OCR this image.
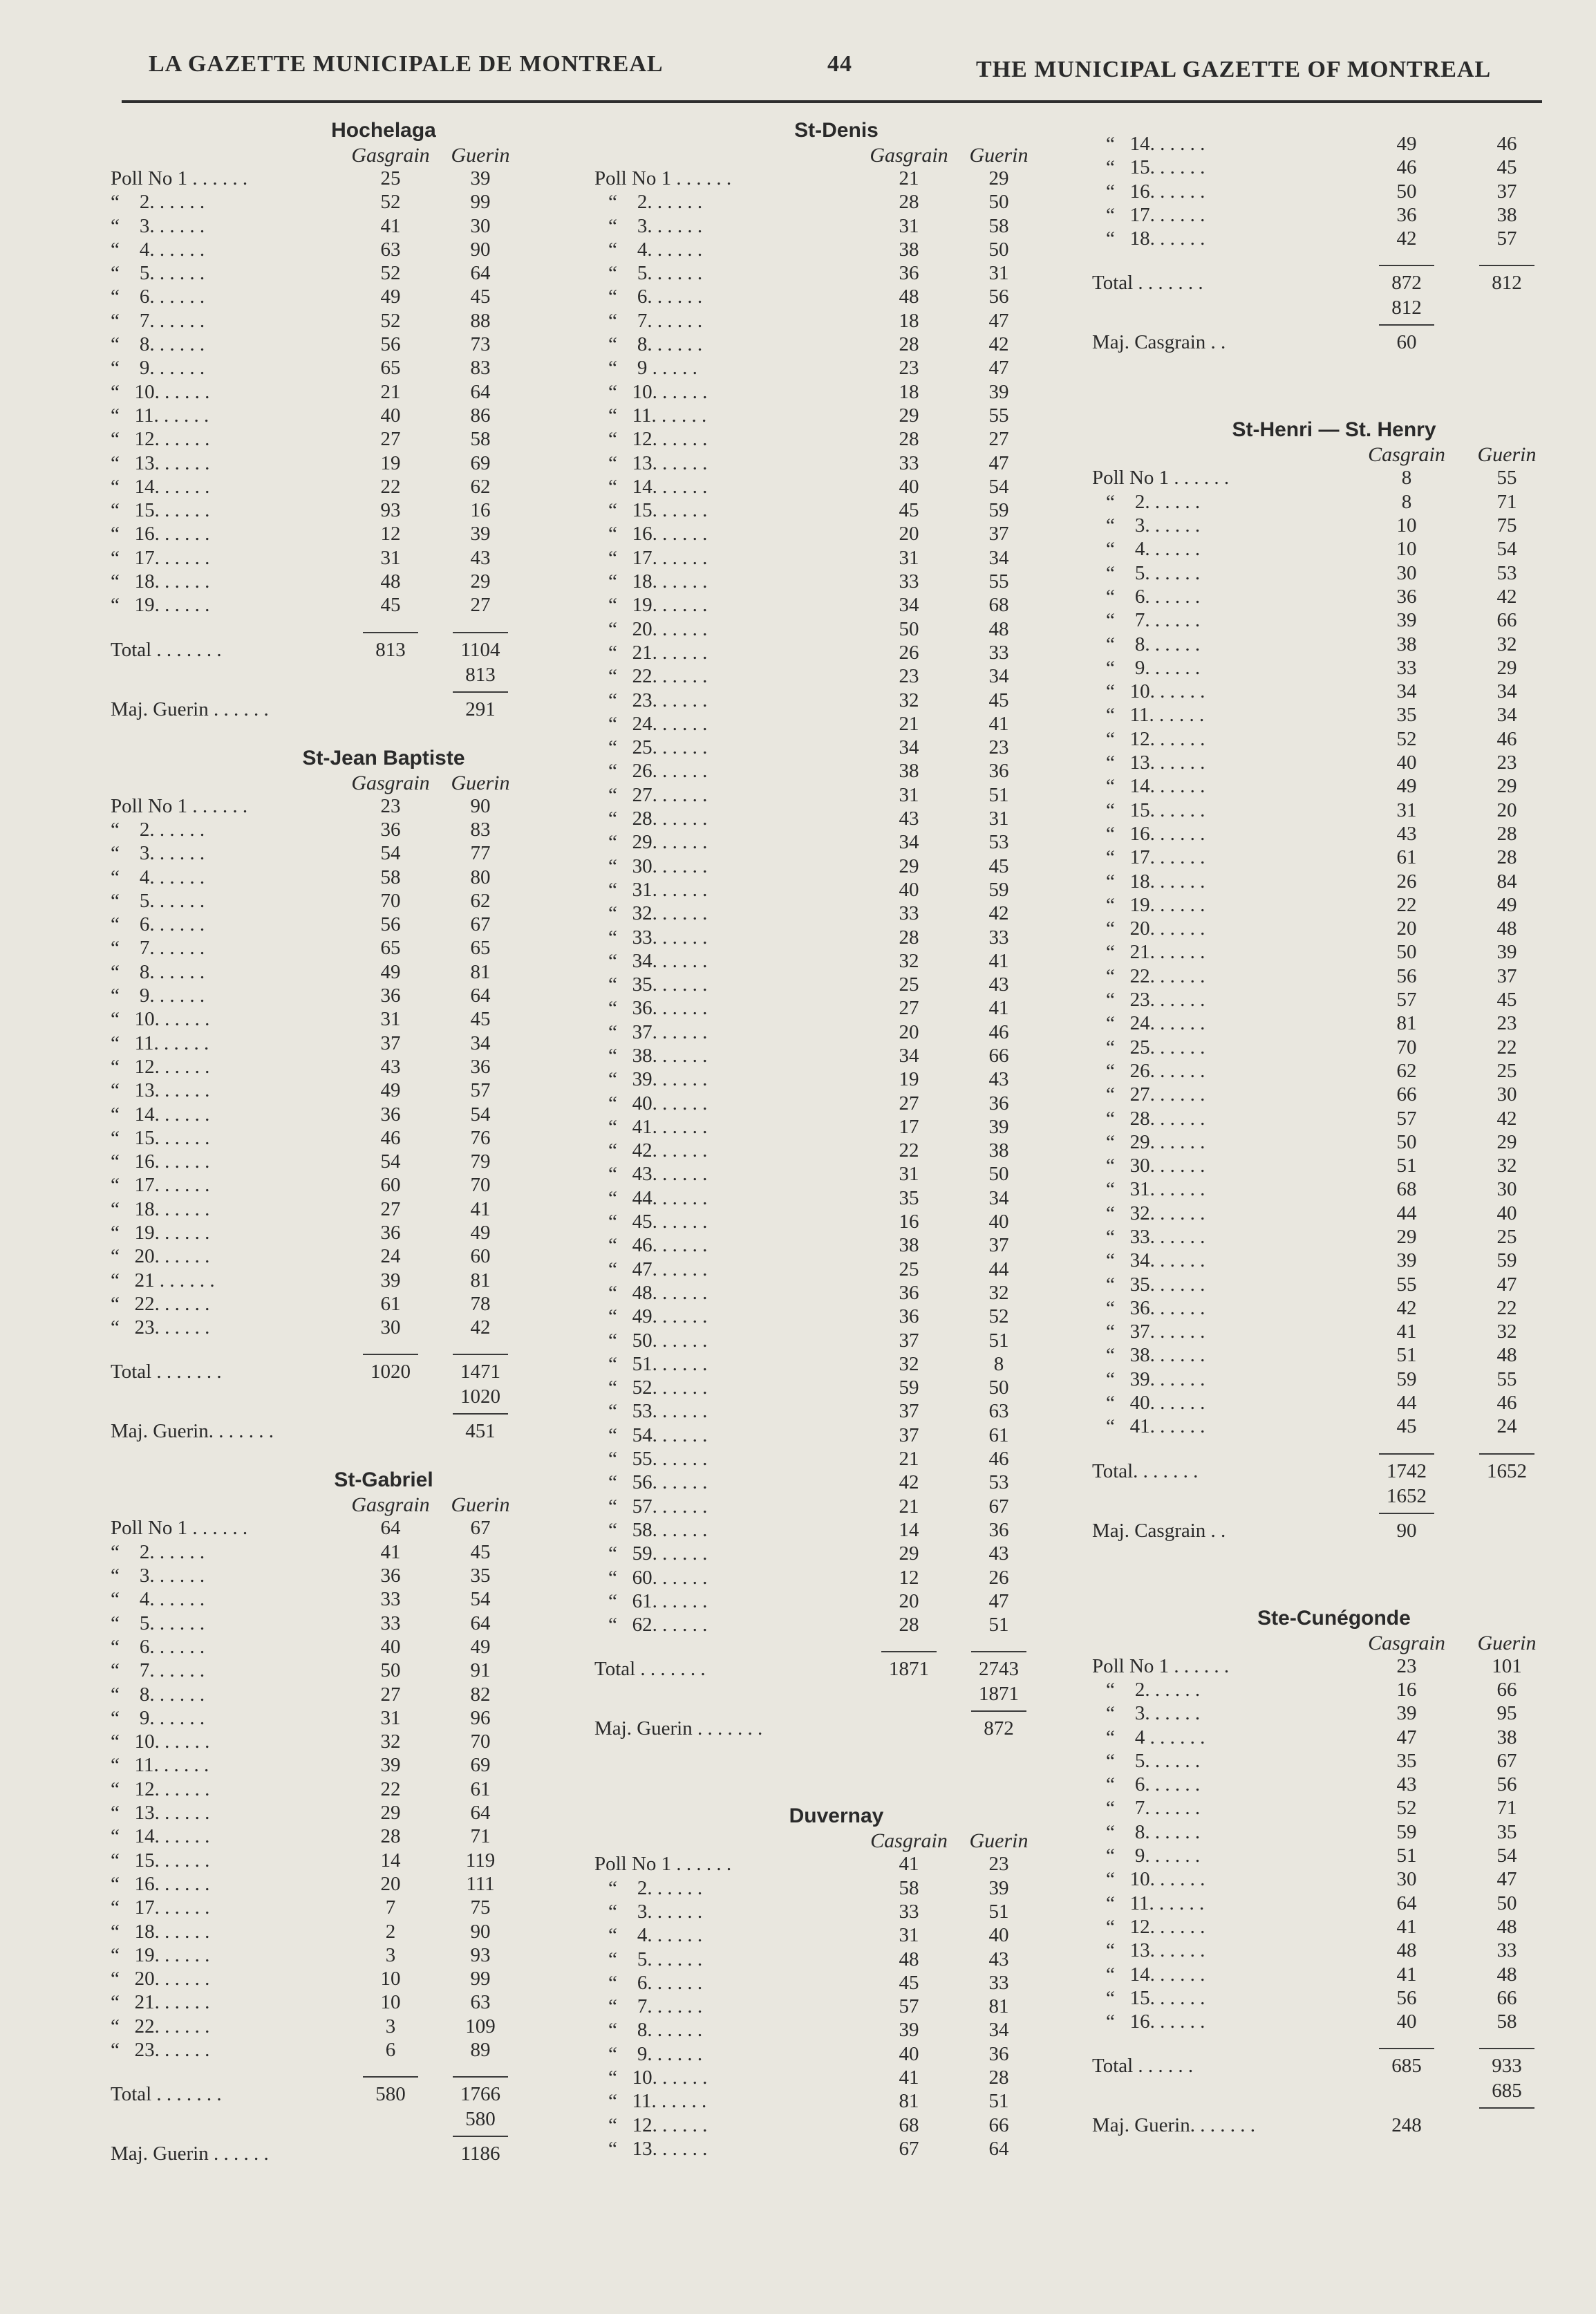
LA GAZETTE MUNICIPALE DE MONTREAL	44	THE MUNICIPAL GAZETTE OF MONTREAL
Hochelaga
Gasgrain	Guerin
Poll No 1 . . . . . .	25	39
“    2. . . . . .	52	99
“    3. . . . . .	41	30
“    4. . . . . .	63	90
“    5. . . . . .	52	64
“    6. . . . . .	49	45
“    7. . . . . .	52	88
“    8. . . . . .	56	73
“    9. . . . . .	65	83
“   10. . . . . .	21	64
“   11. . . . . .	40	86
“   12. . . . . .	27	58
“   13. . . . . .	19	69
“   14. . . . . .	22	62
“   15. . . . . .	93	16
“   16. . . . . .	12	39
“   17. . . . . .	31	43
“   18. . . . . .	48	29
“   19. . . . . .	45	27
Total . . . . . . .	813	1104
813
Maj. Guerin . . . . . .	291
St-Jean Baptiste
Gasgrain	Guerin
Poll No 1 . . . . . .	23	90
“    2. . . . . .	36	83
“    3. . . . . .	54	77
“    4. . . . . .	58	80
“    5. . . . . .	70	62
“    6. . . . . .	56	67
“    7. . . . . .	65	65
“    8. . . . . .	49	81
“    9. . . . . .	36	64
“   10. . . . . .	31	45
“   11. . . . . .	37	34
“   12. . . . . .	43	36
“   13. . . . . .	49	57
“   14. . . . . .	36	54
“   15. . . . . .	46	76
“   16. . . . . .	54	79
“   17. . . . . .	60	70
“   18. . . . . .	27	41
“   19. . . . . .	36	49
“   20. . . . . .	24	60
“   21 . . . . . .	39	81
“   22. . . . . .	61	78
“   23. . . . . .	30	42
Total . . . . . . .	1020	1471
1020
Maj. Guerin. . . . . . .	451
St-Gabriel
Gasgrain	Guerin
Poll No 1 . . . . . .	64	67
“    2. . . . . .	41	45
“    3. . . . . .	36	35
“    4. . . . . .	33	54
“    5. . . . . .	33	64
“    6. . . . . .	40	49
“    7. . . . . .	50	91
“    8. . . . . .	27	82
“    9. . . . . .	31	96
“   10. . . . . .	32	70
“   11. . . . . .	39	69
“   12. . . . . .	22	61
“   13. . . . . .	29	64
“   14. . . . . .	28	71
“   15. . . . . .	14	119
“   16. . . . . .	20	111
“   17. . . . . .	7	75
“   18. . . . . .	2	90
“   19. . . . . .	3	93
“   20. . . . . .	10	99
“   21. . . . . .	10	63
“   22. . . . . .	3	109
“   23. . . . . .	6	89
Total . . . . . . .	580	1766
580
Maj. Guerin . . . . . .	1186
St-Denis
Gasgrain	Guerin
Poll No 1 . . . . . .	21	29
“    2. . . . . .	28	50
“    3. . . . . .	31	58
“    4. . . . . .	38	50
“    5. . . . . .	36	31
“    6. . . . . .	48	56
“    7. . . . . .	18	47
“    8. . . . . .	28	42
“    9 . . . . .	23	47
“   10. . . . . .	18	39
“   11. . . . . .	29	55
“   12. . . . . .	28	27
“   13. . . . . .	33	47
“   14. . . . . .	40	54
“   15. . . . . .	45	59
“   16. . . . . .	20	37
“   17. . . . . .	31	34
“   18. . . . . .	33	55
“   19. . . . . .	34	68
“   20. . . . . .	50	48
“   21. . . . . .	26	33
“   22. . . . . .	23	34
“   23. . . . . .	32	45
“   24. . . . . .	21	41
“   25. . . . . .	34	23
“   26. . . . . .	38	36
“   27. . . . . .	31	51
“   28. . . . . .	43	31
“   29. . . . . .	34	53
“   30. . . . . .	29	45
“   31. . . . . .	40	59
“   32. . . . . .	33	42
“   33. . . . . .	28	33
“   34. . . . . .	32	41
“   35. . . . . .	25	43
“   36. . . . . .	27	41
“   37. . . . . .	20	46
“   38. . . . . .	34	66
“   39. . . . . .	19	43
“   40. . . . . .	27	36
“   41. . . . . .	17	39
“   42. . . . . .	22	38
“   43. . . . . .	31	50
“   44. . . . . .	35	34
“   45. . . . . .	16	40
“   46. . . . . .	38	37
“   47. . . . . .	25	44
“   48. . . . . .	36	32
“   49. . . . . .	36	52
“   50. . . . . .	37	51
“   51. . . . . .	32	8
“   52. . . . . .	59	50
“   53. . . . . .	37	63
“   54. . . . . .	37	61
“   55. . . . . .	21	46
“   56. . . . . .	42	53
“   57. . . . . .	21	67
“   58. . . . . .	14	36
“   59. . . . . .	29	43
“   60. . . . . .	12	26
“   61. . . . . .	20	47
“   62. . . . . .	28	51
Total . . . . . . .	1871	2743
1871
Maj. Guerin . . . . . . .	872
Duvernay
Casgrain	Guerin
Poll No 1 . . . . . .	41	23
“    2. . . . . .	58	39
“    3. . . . . .	33	51
“    4. . . . . .	31	40
“    5. . . . . .	48	43
“    6. . . . . .	45	33
“    7. . . . . .	57	81
“    8. . . . . .	39	34
“    9. . . . . .	40	36
“   10. . . . . .	41	28
“   11. . . . . .	81	51
“   12. . . . . .	68	66
“   13. . . . . .	67	64
“   14. . . . . .	49	46
“   15. . . . . .	46	45
“   16. . . . . .	50	37
“   17. . . . . .	36	38
“   18. . . . . .	42	57
Total . . . . . . .	872	812
812
Maj. Casgrain . .	60
St-Henri — St. Henry
Casgrain	Guerin
Poll No 1 . . . . . .	8	55
“    2. . . . . .	8	71
“    3. . . . . .	10	75
“    4. . . . . .	10	54
“    5. . . . . .	30	53
“    6. . . . . .	36	42
“    7. . . . . .	39	66
“    8. . . . . .	38	32
“    9. . . . . .	33	29
“   10. . . . . .	34	34
“   11. . . . . .	35	34
“   12. . . . . .	52	46
“   13. . . . . .	40	23
“   14. . . . . .	49	29
“   15. . . . . .	31	20
“   16. . . . . .	43	28
“   17. . . . . .	61	28
“   18. . . . . .	26	84
“   19. . . . . .	22	49
“   20. . . . . .	20	48
“   21. . . . . .	50	39
“   22. . . . . .	56	37
“   23. . . . . .	57	45
“   24. . . . . .	81	23
“   25. . . . . .	70	22
“   26. . . . . .	62	25
“   27. . . . . .	66	30
“   28. . . . . .	57	42
“   29. . . . . .	50	29
“   30. . . . . .	51	32
“   31. . . . . .	68	30
“   32. . . . . .	44	40
“   33. . . . . .	29	25
“   34. . . . . .	39	59
“   35. . . . . .	55	47
“   36. . . . . .	42	22
“   37. . . . . .	41	32
“   38. . . . . .	51	48
“   39. . . . . .	59	55
“   40. . . . . .	44	46
“   41. . . . . .	45	24
Total. . . . . . .	1742	1652
1652
Maj. Casgrain . .	90
Ste-Cunégonde
Casgrain	Guerin
Poll No 1 . . . . . .	23	101
“    2. . . . . .	16	66
“    3. . . . . .	39	95
“    4 . . . . . .	47	38
“    5. . . . . .	35	67
“    6. . . . . .	43	56
“    7. . . . . .	52	71
“    8. . . . . .	59	35
“    9. . . . . .	51	54
“   10. . . . . .	30	47
“   11. . . . . .	64	50
“   12. . . . . .	41	48
“   13. . . . . .	48	33
“   14. . . . . .	41	48
“   15. . . . . .	56	66
“   16. . . . . .	40	58
Total . . . . . .	685	933
685
Maj. Guerin. . . . . . .	248
